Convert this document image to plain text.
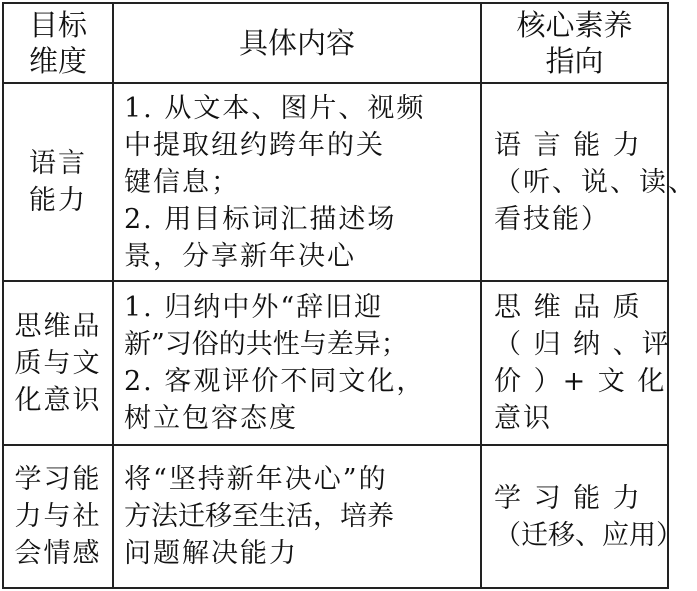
目标
维度	具体内容	核心素养
指向

语言
能力	1. 从文本、图片、视频
中提取纽约跨年的关
键信息；
2. 用目标词汇描述场
景，分享新年决心	语 言 能 力
（听、说、读、
看技能）

思维品
质与文
化意识	1. 归纳中外“辞旧迎
新”习俗的共性与差异；
2. 客观评价不同文化，
树立包容态度	思 维 品 质
（ 归 纳 、评
价 ）+ 文 化
意识

学习能
力与社
会情感	将“坚持新年决心”的
方法迁移至生活，培养
问题解决能力	学 习 能 力
（迁移、应用）
